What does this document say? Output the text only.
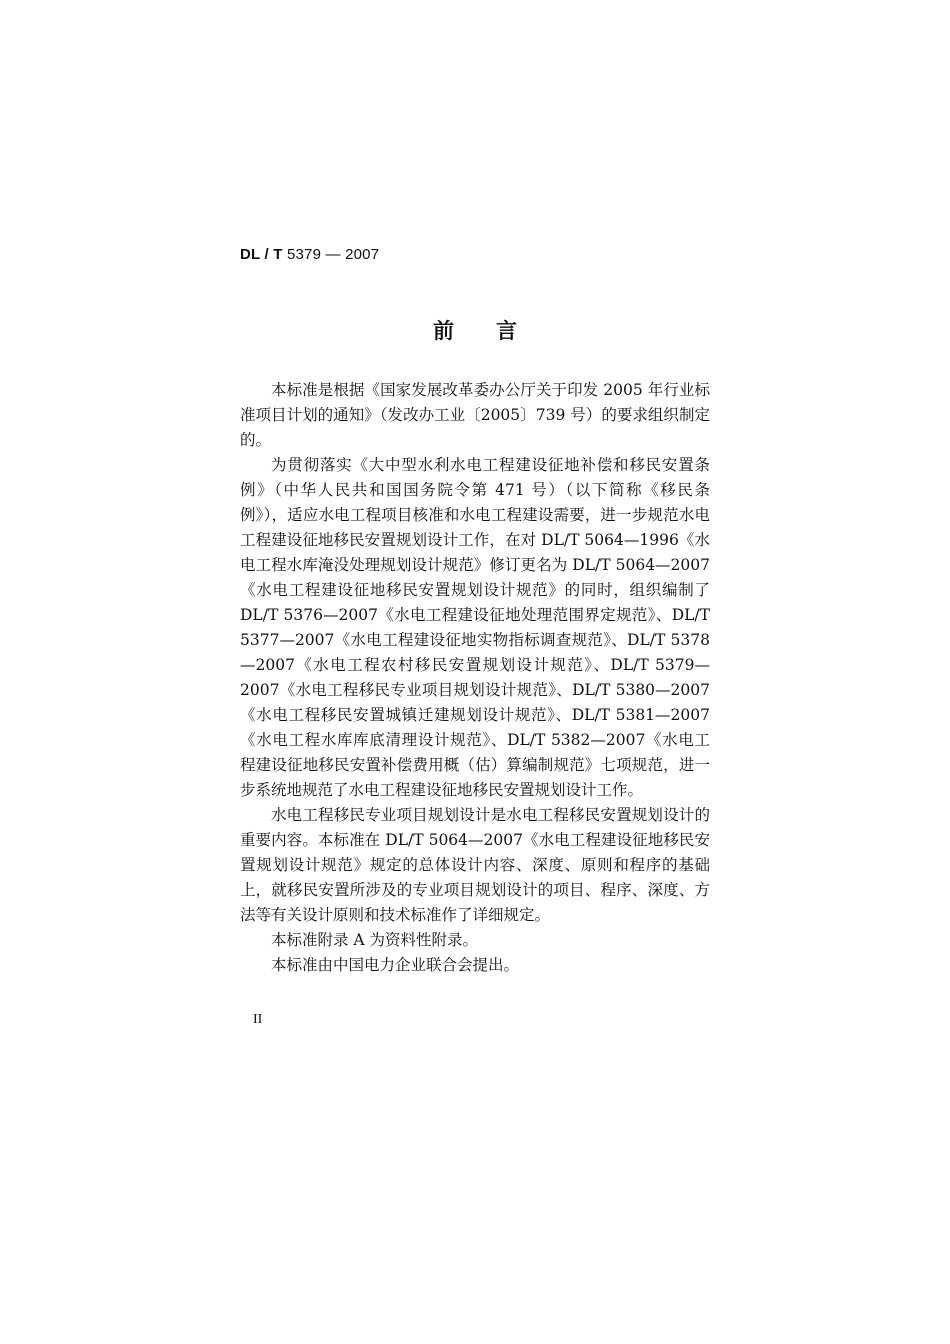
DL / T 5379 — 2007
前言

本标准是根据《国家发展改革委办公厅关于印发 2005 年行业标准项目计划的通知》（发改办工业〔2005〕739 号）的要求组织制定的。

为贯彻落实《大中型水利水电工程建设征地补偿和移民安置条例》（中华人民共和国国务院令第 471 号）（以下简称《移民条例》），适应水电工程项目核准和水电工程建设需要，进一步规范水电工程建设征地移民安置规划设计工作，在对 DL/T 5064—1996《水电工程水库淹没处理规划设计规范》修订更名为 DL/T 5064—2007《水电工程建设征地移民安置规划设计规范》的同时，组织编制了 DL/T 5376—2007《水电工程建设征地处理范围界定规范》、DL/T 5377—2007《水电工程建设征地实物指标调查规范》、DL/T 5378—2007《水电工程农村移民安置规划设计规范》、DL/T 5379—2007《水电工程移民专业项目规划设计规范》、DL/T 5380—2007《水电工程移民安置城镇迁建规划设计规范》、DL/T 5381—2007《水电工程水库库底清理设计规范》、DL/T 5382—2007《水电工程建设征地移民安置补偿费用概（估）算编制规范》七项规范，进一步系统地规范了水电工程建设征地移民安置规划设计工作。

水电工程移民专业项目规划设计是水电工程移民安置规划设计的重要内容。本标准在 DL/T 5064—2007《水电工程建设征地移民安置规划设计规范》规定的总体设计内容、深度、原则和程序的基础上，就移民安置所涉及的专业项目规划设计的项目、程序、深度、方法等有关设计原则和技术标准作了详细规定。

本标准附录 A 为资料性附录。

本标准由中国电力企业联合会提出。

II
